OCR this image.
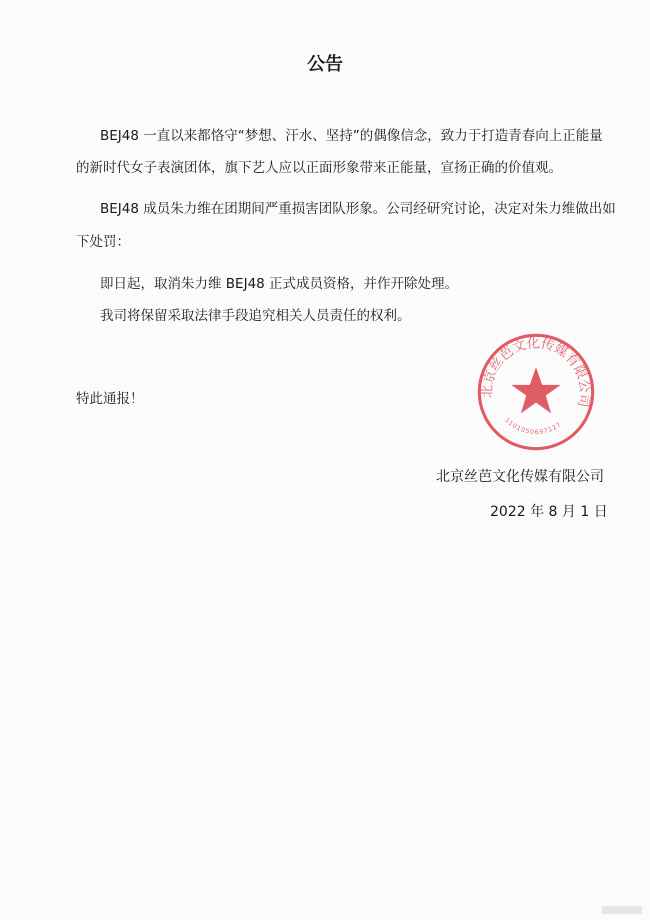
公告
BEJ48 一直以来都恪守“梦想、汗水、坚持”的偶像信念，致力于打造青春向上正能量
的新时代女子表演团体，旗下艺人应以正面形象带来正能量，宣扬正确的价值观。
BEJ48 成员朱力维在团期间严重损害团队形象。公司经研究讨论，决定对朱力维做出如
下处罚：
即日起，取消朱力维 BEJ48 正式成员资格，并作开除处理。
我司将保留采取法律手段追究相关人员责任的权利。
特此通报！	北京丝芭文化传媒有限公司
1101050697127
北京丝芭文化传媒有限公司
2022 年 8 月 1 日
